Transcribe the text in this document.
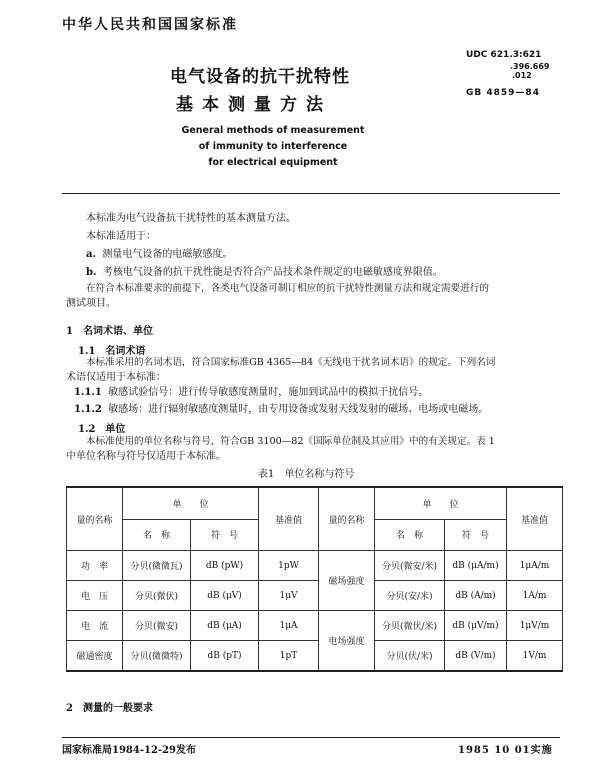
中华人民共和国国家标准
电气设备的抗干扰特性
基本测量方法
General methods of measurement
of immunity to interference
for electrical equipment
UDC 621.3:621
.396.669
.012
GB 4859—84
本标准为电气设备抗干扰特性的基本测量方法。
本标准适用于：
a. 测量电气设备的电磁敏感度。
b. 考核电气设备的抗干扰性能是否符合产品技术条件规定的电磁敏感度界限值。
在符合本标准要求的前提下，各类电气设备可制订相应的抗干扰特性测量方法和规定需要进行的
测试项目。
1　名词术语、单位
1.1　名词术语
本标准采用的名词术语，符合国家标准GB 4365—84《无线电干扰名词术语》的规定。下列名词
术语仅适用于本标准：
1.1.1 敏感试验信号：进行传导敏感度测量时，施加到试品中的模拟干扰信号。
1.1.2 敏感场：进行辐射敏感度测量时，由专用设备或发射天线发射的磁场、电场或电磁场。
1.2　单位
本标准使用的单位名称与符号，符合GB 3100—82《国际单位制及其应用》中的有关规定。表 1
中单位名称与符号仅适用于本标准。
表1　单位名称与符号
量的名称	单　　位		基准值	量的名称	单　　位		基准值
	名　称	符　号			名　称	符　号	
功　率	分贝(微微瓦)	dB (pW)	1pW	磁场强度	分贝(微安/米)	dB (μA/m)	1μA/m
电　压	分贝(微伏)	dB (μV)	1μV		分贝(安/米)	dB (A/m)	1A/m
电　流	分贝(微安)	dB (μA)	1μA	电场强度	分贝(微伏/米)	dB (μV/m)	1μV/m
磁通密度	分贝(微微特)	dB (pT)	1pT		分贝(伏/米)	dB (V/m)	1V/m
2　测量的一般要求
国家标准局1984-12-29发布	1985 10 01实施
